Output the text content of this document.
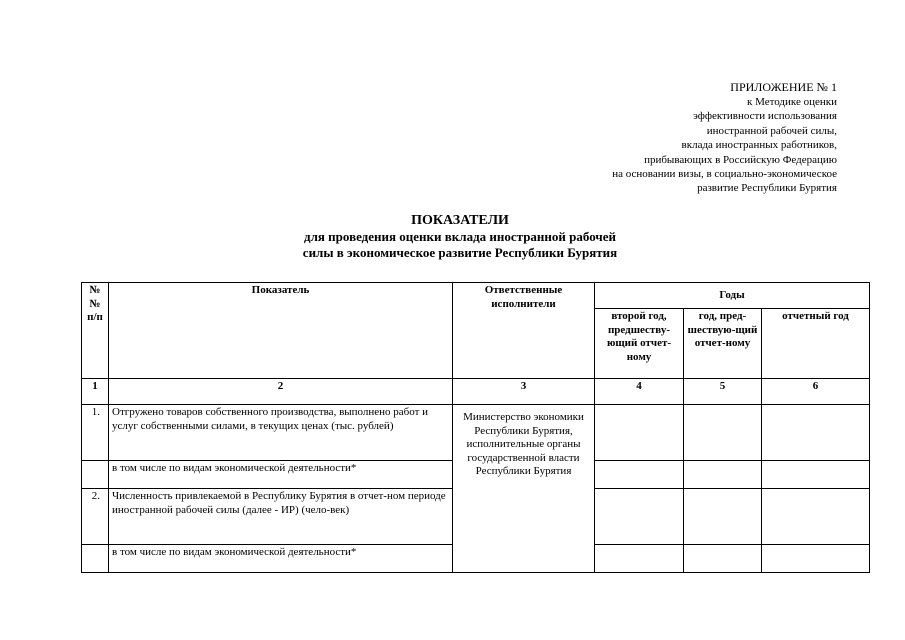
ПРИЛОЖЕНИЕ № 1
к Методике оценки
эффективности использования
иностранной рабочей силы,
вклада иностранных работников,
прибывающих в Российскую Федерацию
на основании визы, в социально-экономическое
развитие Республики Бурятия
ПОКАЗАТЕЛИ
для проведения оценки вклада иностранной рабочей
силы в экономическое развитие Республики Бурятия
№№ п/п	Показатель	Ответственные исполнители	Годы		
			второй год, предшеству-ющий отчет-ному	год, пред-шествую-щий отчет-ному	отчетный год
1	2	3	4	5	6
1.	Отгружено товаров собственного производства, выполнено работ и услуг собственными силами, в текущих ценах (тыс. рублей)	Министерство экономики Республики Бурятия, исполнительные органы государственной власти Республики Бурятия			
	в том числе по видам экономической деятельности*				
2.	Численность привлекаемой в Республику Бурятия в отчет-ном периоде иностранной рабочей силы (далее - ИР) (чело-век)				
	в том числе по видам экономической деятельности*				
